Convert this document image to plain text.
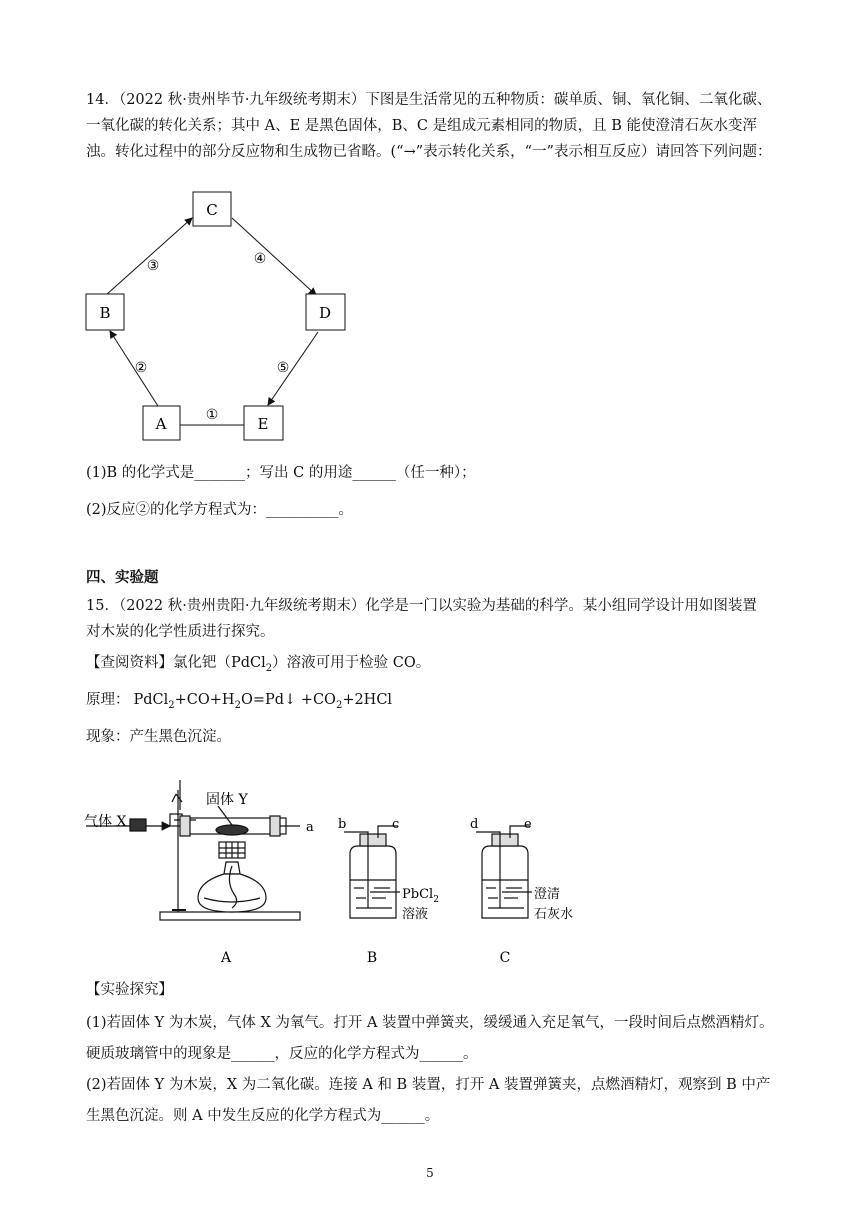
14．（2022 秋·贵州毕节·九年级统考期末）下图是生活常见的五种物质：碳单质、铜、氧化铜、二氧化碳、
一氧化碳的转化关系；其中 A、E 是黑色固体，B、C 是组成元素相同的物质，且 B 能使澄清石灰水变浑
浊。转化过程中的部分反应物和生成物已省略。(“→”表示转化关系，“一”表示相互反应）请回答下列问题：
C
B	D
A	E
①
②
③	④
⑤
(1)B 的化学式是_______；写出 C 的用途______（任一种）；
(2)反应②的化学方程式为：__________。
四、实验题
15．（2022 秋·贵州贵阳·九年级统考期末）化学是一门以实验为基础的科学。某小组同学设计用如图装置
对木炭的化学性质进行探究。
【查阅资料】氯化钯（PdCl$_2$）溶液可用于检验 CO。
原理： $PdCl_2+CO+H_2O=Pd↓ +CO_2+2HCl$
现象：产生黑色沉淀。
气体 X
固体 Y
a b	c
PbCl$_2$
溶液
d	e
澄清
石灰水
A	B	C
【实验探究】
(1)若固体 Y 为木炭，气体 X 为氧气。打开 A 装置中弹簧夹，缓缓通入充足氧气，一段时间后点燃酒精灯。
硬质玻璃管中的现象是______，反应的化学方程式为______。
(2)若固体 Y 为木炭，X 为二氧化碳。连接 A 和 B 装置，打开 A 装置弹簧夹，点燃酒精灯，观察到 B 中产
生黑色沉淀。则 A 中发生反应的化学方程式为______。
5
